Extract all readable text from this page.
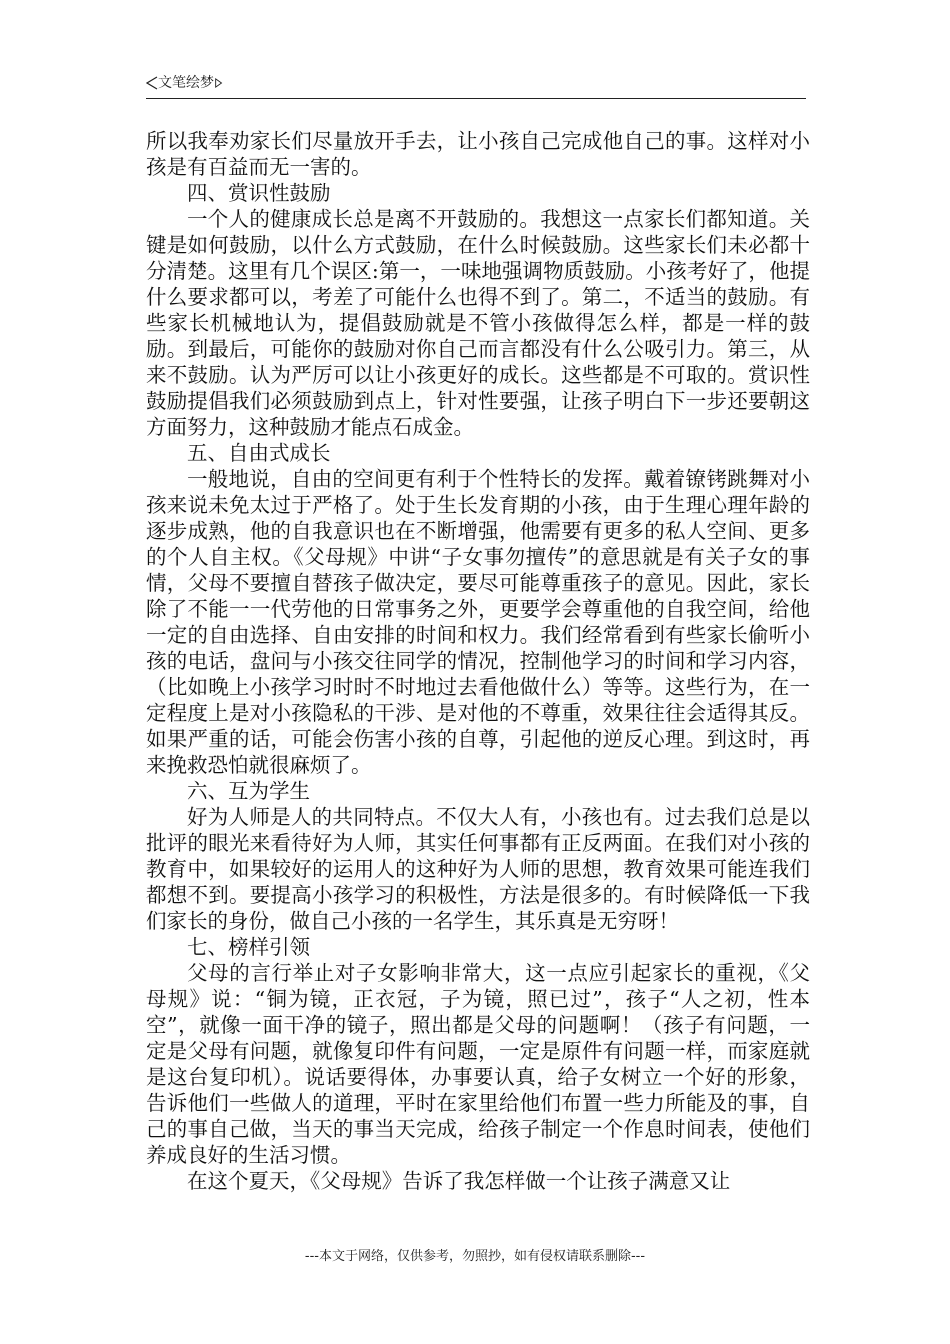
文笔绘梦

所以我奉劝家长们尽量放开手去，让小孩自己完成他自己的事。这样对小孩是有百益而无一害的。

四、赏识性鼓励

一个人的健康成长总是离不开鼓励的。我想这一点家长们都知道。关键是如何鼓励，以什么方式鼓励，在什么时候鼓励。这些家长们未必都十分清楚。这里有几个误区:第一，一味地强调物质鼓励。小孩考好了，他提什么要求都可以，考差了可能什么也得不到了。第二，不适当的鼓励。有些家长机械地认为，提倡鼓励就是不管小孩做得怎么样，都是一样的鼓励。到最后，可能你的鼓励对你自己而言都没有什么公吸引力。第三，从来不鼓励。认为严厉可以让小孩更好的成长。这些都是不可取的。赏识性鼓励提倡我们必须鼓励到点上，针对性要强，让孩子明白下一步还要朝这方面努力，这种鼓励才能点石成金。

五、自由式成长

一般地说，自由的空间更有利于个性特长的发挥。戴着镣铐跳舞对小孩来说未免太过于严格了。处于生长发育期的小孩，由于生理心理年龄的逐步成熟，他的自我意识也在不断增强，他需要有更多的私人空间、更多的个人自主权。《父母规》中讲“子女事勿擅传”的意思就是有关子女的事情，父母不要擅自替孩子做决定，要尽可能尊重孩子的意见。因此，家长除了不能一一代劳他的日常事务之外，更要学会尊重他的自我空间，给他一定的自由选择、自由安排的时间和权力。我们经常看到有些家长偷听小孩的电话，盘问与小孩交往同学的情况，控制他学习的时间和学习内容，（比如晚上小孩学习时时不时地过去看他做什么）等等。这些行为，在一定程度上是对小孩隐私的干涉、是对他的不尊重，效果往往会适得其反。如果严重的话，可能会伤害小孩的自尊，引起他的逆反心理。到这时，再来挽救恐怕就很麻烦了。

六、互为学生

好为人师是人的共同特点。不仅大人有，小孩也有。过去我们总是以批评的眼光来看待好为人师，其实任何事都有正反两面。在我们对小孩的教育中，如果较好的运用人的这种好为人师的思想，教育效果可能连我们都想不到。要提高小孩学习的积极性，方法是很多的。有时候降低一下我们家长的身份，做自己小孩的一名学生，其乐真是无穷呀！

七、榜样引领

父母的言行举止对子女影响非常大，这一点应引起家长的重视，《父母规》说：“铜为镜，正衣冠，子为镜，照已过”，孩子“人之初，性本空”，就像一面干净的镜子，照出都是父母的问题啊！（孩子有问题，一定是父母有问题，就像复印件有问题，一定是原件有问题一样，而家庭就是这台复印机）。说话要得体，办事要认真，给子女树立一个好的形象，告诉他们一些做人的道理，平时在家里给他们布置一些力所能及的事，自己的事自己做，当天的事当天完成，给孩子制定一个作息时间表，使他们养成良好的生活习惯。

在这个夏天，《父母规》告诉了我怎样做一个让孩子满意又让

---本文于网络，仅供参考，勿照抄，如有侵权请联系删除---
